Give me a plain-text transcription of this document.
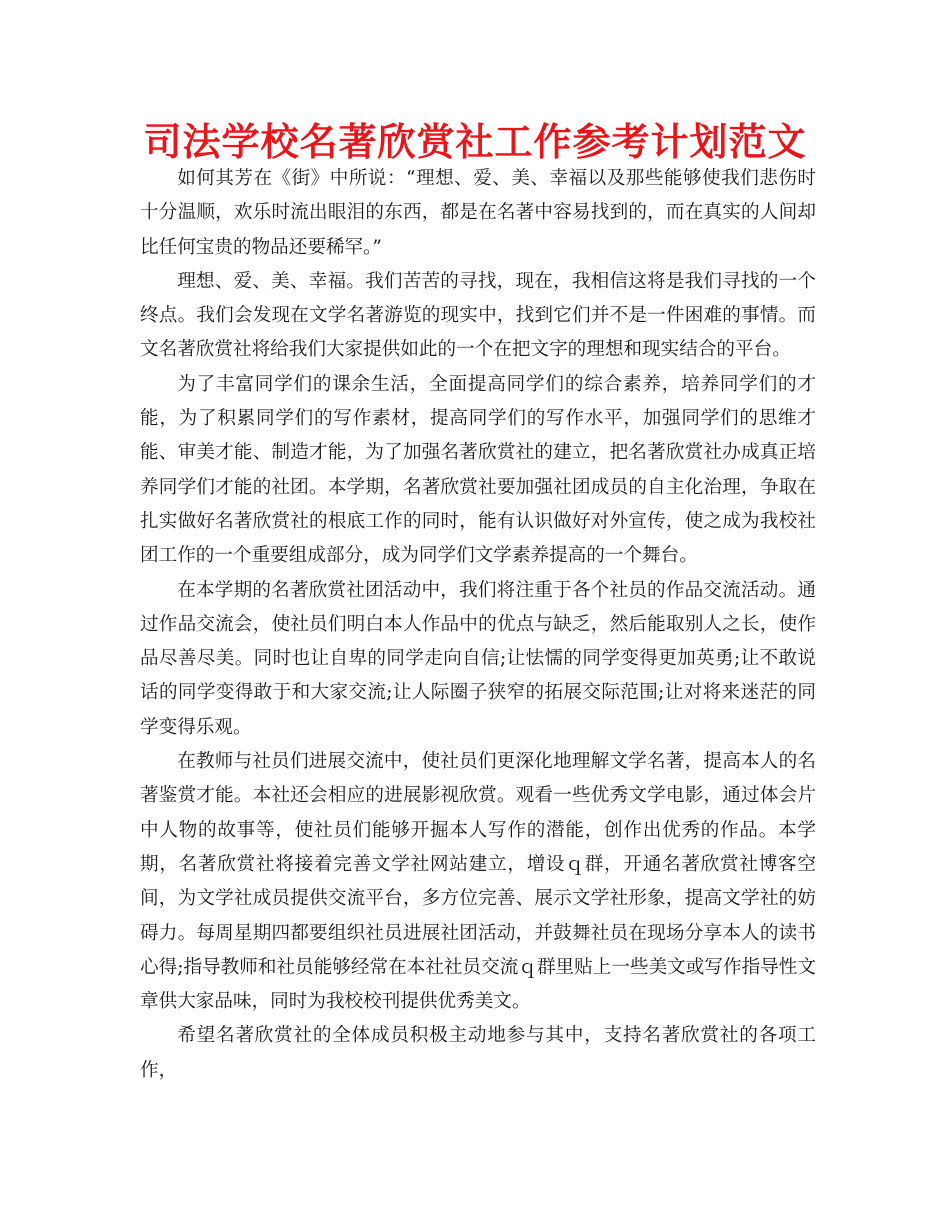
司法学校名著欣赏社工作参考计划范文

如何其芳在《街》中所说：“理想、爱、美、幸福以及那些能够使我们悲伤时十分温顺，欢乐时流出眼泪的东西，都是在名著中容易找到的，而在真实的人间却比任何宝贵的物品还要稀罕。”

理想、爱、美、幸福。我们苦苦的寻找，现在，我相信这将是我们寻找的一个终点。我们会发现在文学名著游览的现实中，找到它们并不是一件困难的事情。而文名著欣赏社将给我们大家提供如此的一个在把文字的理想和现实结合的平台。

为了丰富同学们的课余生活，全面提高同学们的综合素养，培养同学们的才能，为了积累同学们的写作素材，提高同学们的写作水平，加强同学们的思维才能、审美才能、制造才能，为了加强名著欣赏社的建立，把名著欣赏社办成真正培养同学们才能的社团。本学期，名著欣赏社要加强社团成员的自主化治理，争取在扎实做好名著欣赏社的根底工作的同时，能有认识做好对外宣传，使之成为我校社团工作的一个重要组成部分，成为同学们文学素养提高的一个舞台。

在本学期的名著欣赏社团活动中，我们将注重于各个社员的作品交流活动。通过作品交流会，使社员们明白本人作品中的优点与缺乏，然后能取别人之长，使作品尽善尽美。同时也让自卑的同学走向自信;让怯懦的同学变得更加英勇;让不敢说话的同学变得敢于和大家交流;让人际圈子狭窄的拓展交际范围;让对将来迷茫的同学变得乐观。

在教师与社员们进展交流中，使社员们更深化地理解文学名著，提高本人的名著鉴赏才能。本社还会相应的进展影视欣赏。观看一些优秀文学电影，通过体会片中人物的故事等，使社员们能够开掘本人写作的潜能，创作出优秀的作品。本学期，名著欣赏社将接着完善文学社网站建立，增设ｑ群，开通名著欣赏社博客空间，为文学社成员提供交流平台，多方位完善、展示文学社形象，提高文学社的妨碍力。每周星期四都要组织社员进展社团活动，并鼓舞社员在现场分享本人的读书心得;指导教师和社员能够经常在本社社员交流ｑ群里贴上一些美文或写作指导性文章供大家品味，同时为我校校刊提供优秀美文。

希望名著欣赏社的全体成员积极主动地参与其中，支持名著欣赏社的各项工作，
